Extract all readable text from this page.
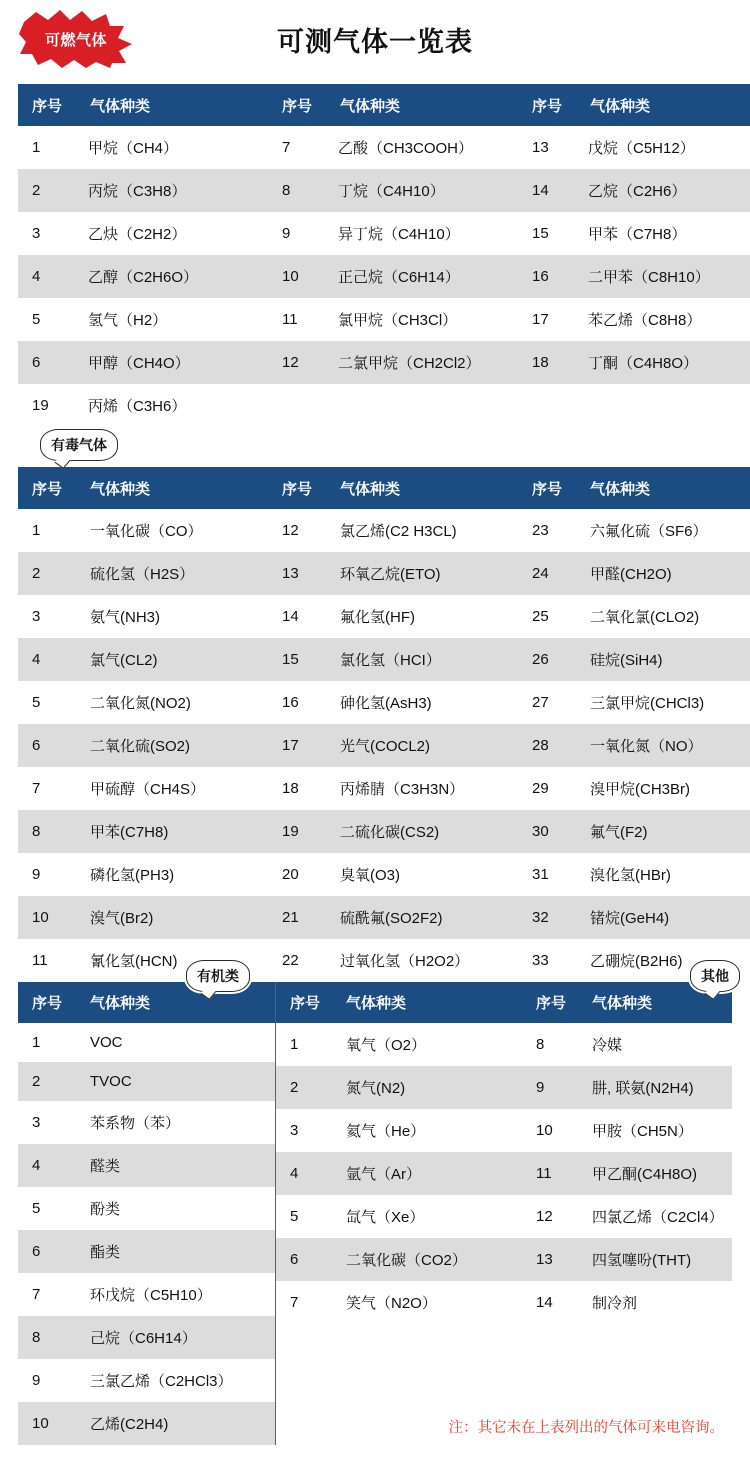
可燃气体	可测气体一览表
序号	气体种类	序号	气体种类	序号	气体种类
1	甲烷（CH4）	7	乙酸（CH3COOH）	13	戊烷（C5H12）
2	丙烷（C3H8）	8	丁烷（C4H10）	14	乙烷（C2H6）
3	乙炔（C2H2）	9	异丁烷（C4H10）	15	甲苯（C7H8）
4	乙醇（C2H6O）	10	正己烷（C6H14）	16	二甲苯（C8H10）
5	氢气（H2）	11	氯甲烷（CH3Cl）	17	苯乙烯（C8H8）
6	甲醇（CH4O）	12	二氯甲烷（CH2Cl2）	18	丁酮（C4H8O）
19	丙烯（C3H6）				
有毒气体
序号	气体种类	序号	气体种类	序号	气体种类
1	一氧化碳（CO）	12	氯乙烯(C2 H3CL)	23	六氟化硫（SF6）
2	硫化氢（H2S）	13	环氧乙烷(ETO)	24	甲醛(CH2O)
3	氨气(NH3)	14	氟化氢(HF)	25	二氧化氯(CLO2)
4	氯气(CL2)	15	氯化氢（HCI）	26	硅烷(SiH4)
5	二氧化氮(NO2)	16	砷化氢(AsH3)	27	三氯甲烷(CHCl3)
6	二氧化硫(SO2)	17	光气(COCL2)	28	一氧化氮（NO）
7	甲硫醇（CH4S）	18	丙烯腈（C3H3N）	29	溴甲烷(CH3Br)
8	甲苯(C7H8)	19	二硫化碳(CS2)	30	氟气(F2)
9	磷化氢(PH3)	20	臭氧(O3)	31	溴化氢(HBr)
10	溴气(Br2)	21	硫酰氟(SO2F2)	32	锗烷(GeH4)
11	氰化氢(HCN)	22	过氧化氢（H2O2）	33	乙硼烷(B2H6)
有机类
序号	气体种类
1	VOC
2	TVOC
3	苯系物（苯）
4	醛类
5	酚类
6	酯类
7	环戊烷（C5H10）
8	己烷（C6H14）
9	三氯乙烯（C2HCl3）
10	乙烯(C2H4)
其他
序号	气体种类	序号	气体种类
1	氧气（O2）	8	冷媒
2	氮气(N2)	9	肼, 联氨(N2H4)
3	氦气（He）	10	甲胺（CH5N）
4	氩气（Ar）	11	甲乙酮(C4H8O)
5	氙气（Xe）	12	四氯乙烯（C2Cl4）
6	二氧化碳（CO2）	13	四氢噻吩(THT)
7	笑气（N2O）	14	制冷剂

注：其它未在上表列出的气体可来电咨询。
